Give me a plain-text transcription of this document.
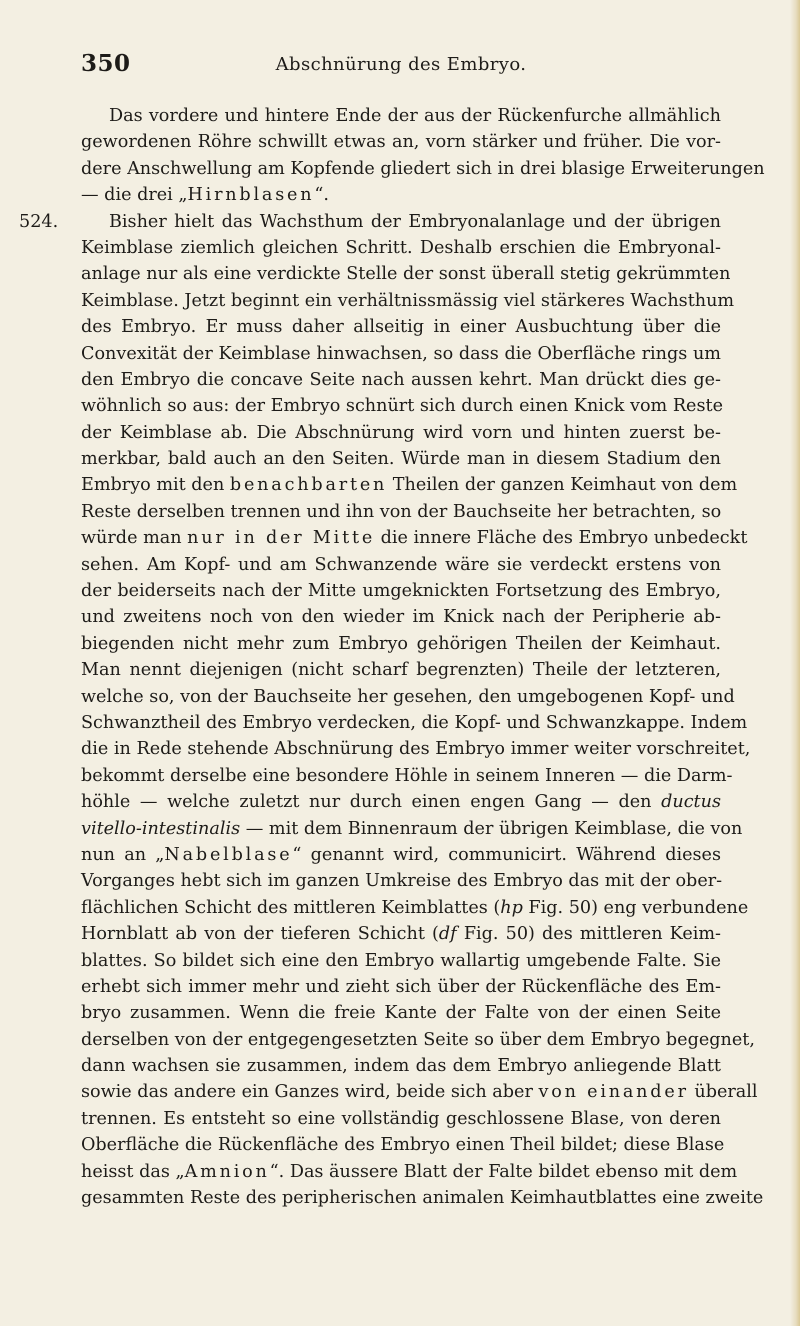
350	Abschnürung des Embryo.
Das vordere und hintere Ende der aus der Rückenfurche allmählich
gewordenen Röhre schwillt etwas an, vorn stärker und früher. Die vor-
dere Anschwellung am Kopfende gliedert sich in drei blasige Erweiterungen
— die drei „Hirnblasen“.
524.	Bisher hielt das Wachsthum der Embryonalanlage und der übrigen
Keimblase ziemlich gleichen Schritt. Deshalb erschien die Embryonal-
anlage nur als eine verdickte Stelle der sonst überall stetig gekrümmten
Keimblase. Jetzt beginnt ein verhältnissmässig viel stärkeres Wachsthum
des Embryo. Er muss daher allseitig in einer Ausbuchtung über die
Convexität der Keimblase hinwachsen, so dass die Oberfläche rings um
den Embryo die concave Seite nach aussen kehrt. Man drückt dies ge-
wöhnlich so aus: der Embryo schnürt sich durch einen Knick vom Reste
der Keimblase ab. Die Abschnürung wird vorn und hinten zuerst be-
merkbar, bald auch an den Seiten. Würde man in diesem Stadium den
Embryo mit den benachbarten Theilen der ganzen Keimhaut von dem
Reste derselben trennen und ihn von der Bauchseite her betrachten, so
würde man nur in der Mitte die innere Fläche des Embryo unbedeckt
sehen. Am Kopf- und am Schwanzende wäre sie verdeckt erstens von
der beiderseits nach der Mitte umgeknickten Fortsetzung des Embryo,
und zweitens noch von den wieder im Knick nach der Peripherie ab-
biegenden nicht mehr zum Embryo gehörigen Theilen der Keimhaut.
Man nennt diejenigen (nicht scharf begrenzten) Theile der letzteren,
welche so, von der Bauchseite her gesehen, den umgebogenen Kopf- und
Schwanztheil des Embryo verdecken, die Kopf- und Schwanzkappe. Indem
die in Rede stehende Abschnürung des Embryo immer weiter vorschreitet,
bekommt derselbe eine besondere Höhle in seinem Inneren — die Darm-
höhle — welche zuletzt nur durch einen engen Gang — den ductus
vitello-intestinalis — mit dem Binnenraum der übrigen Keimblase, die von
nun an „Nabelblase“ genannt wird, communicirt. Während dieses
Vorganges hebt sich im ganzen Umkreise des Embryo das mit der ober-
flächlichen Schicht des mittleren Keimblattes (hp Fig. 50) eng verbundene
Hornblatt ab von der tieferen Schicht (df Fig. 50) des mittleren Keim-
blattes. So bildet sich eine den Embryo wallartig umgebende Falte. Sie
erhebt sich immer mehr und zieht sich über der Rückenfläche des Em-
bryo zusammen. Wenn die freie Kante der Falte von der einen Seite
derselben von der entgegengesetzten Seite so über dem Embryo begegnet,
dann wachsen sie zusammen, indem das dem Embryo anliegende Blatt
sowie das andere ein Ganzes wird, beide sich aber von einander überall
trennen. Es entsteht so eine vollständig geschlossene Blase, von deren
Oberfläche die Rückenfläche des Embryo einen Theil bildet; diese Blase
heisst das „Amnion“. Das äussere Blatt der Falte bildet ebenso mit dem
gesammten Reste des peripherischen animalen Keimhautblattes eine zweite
